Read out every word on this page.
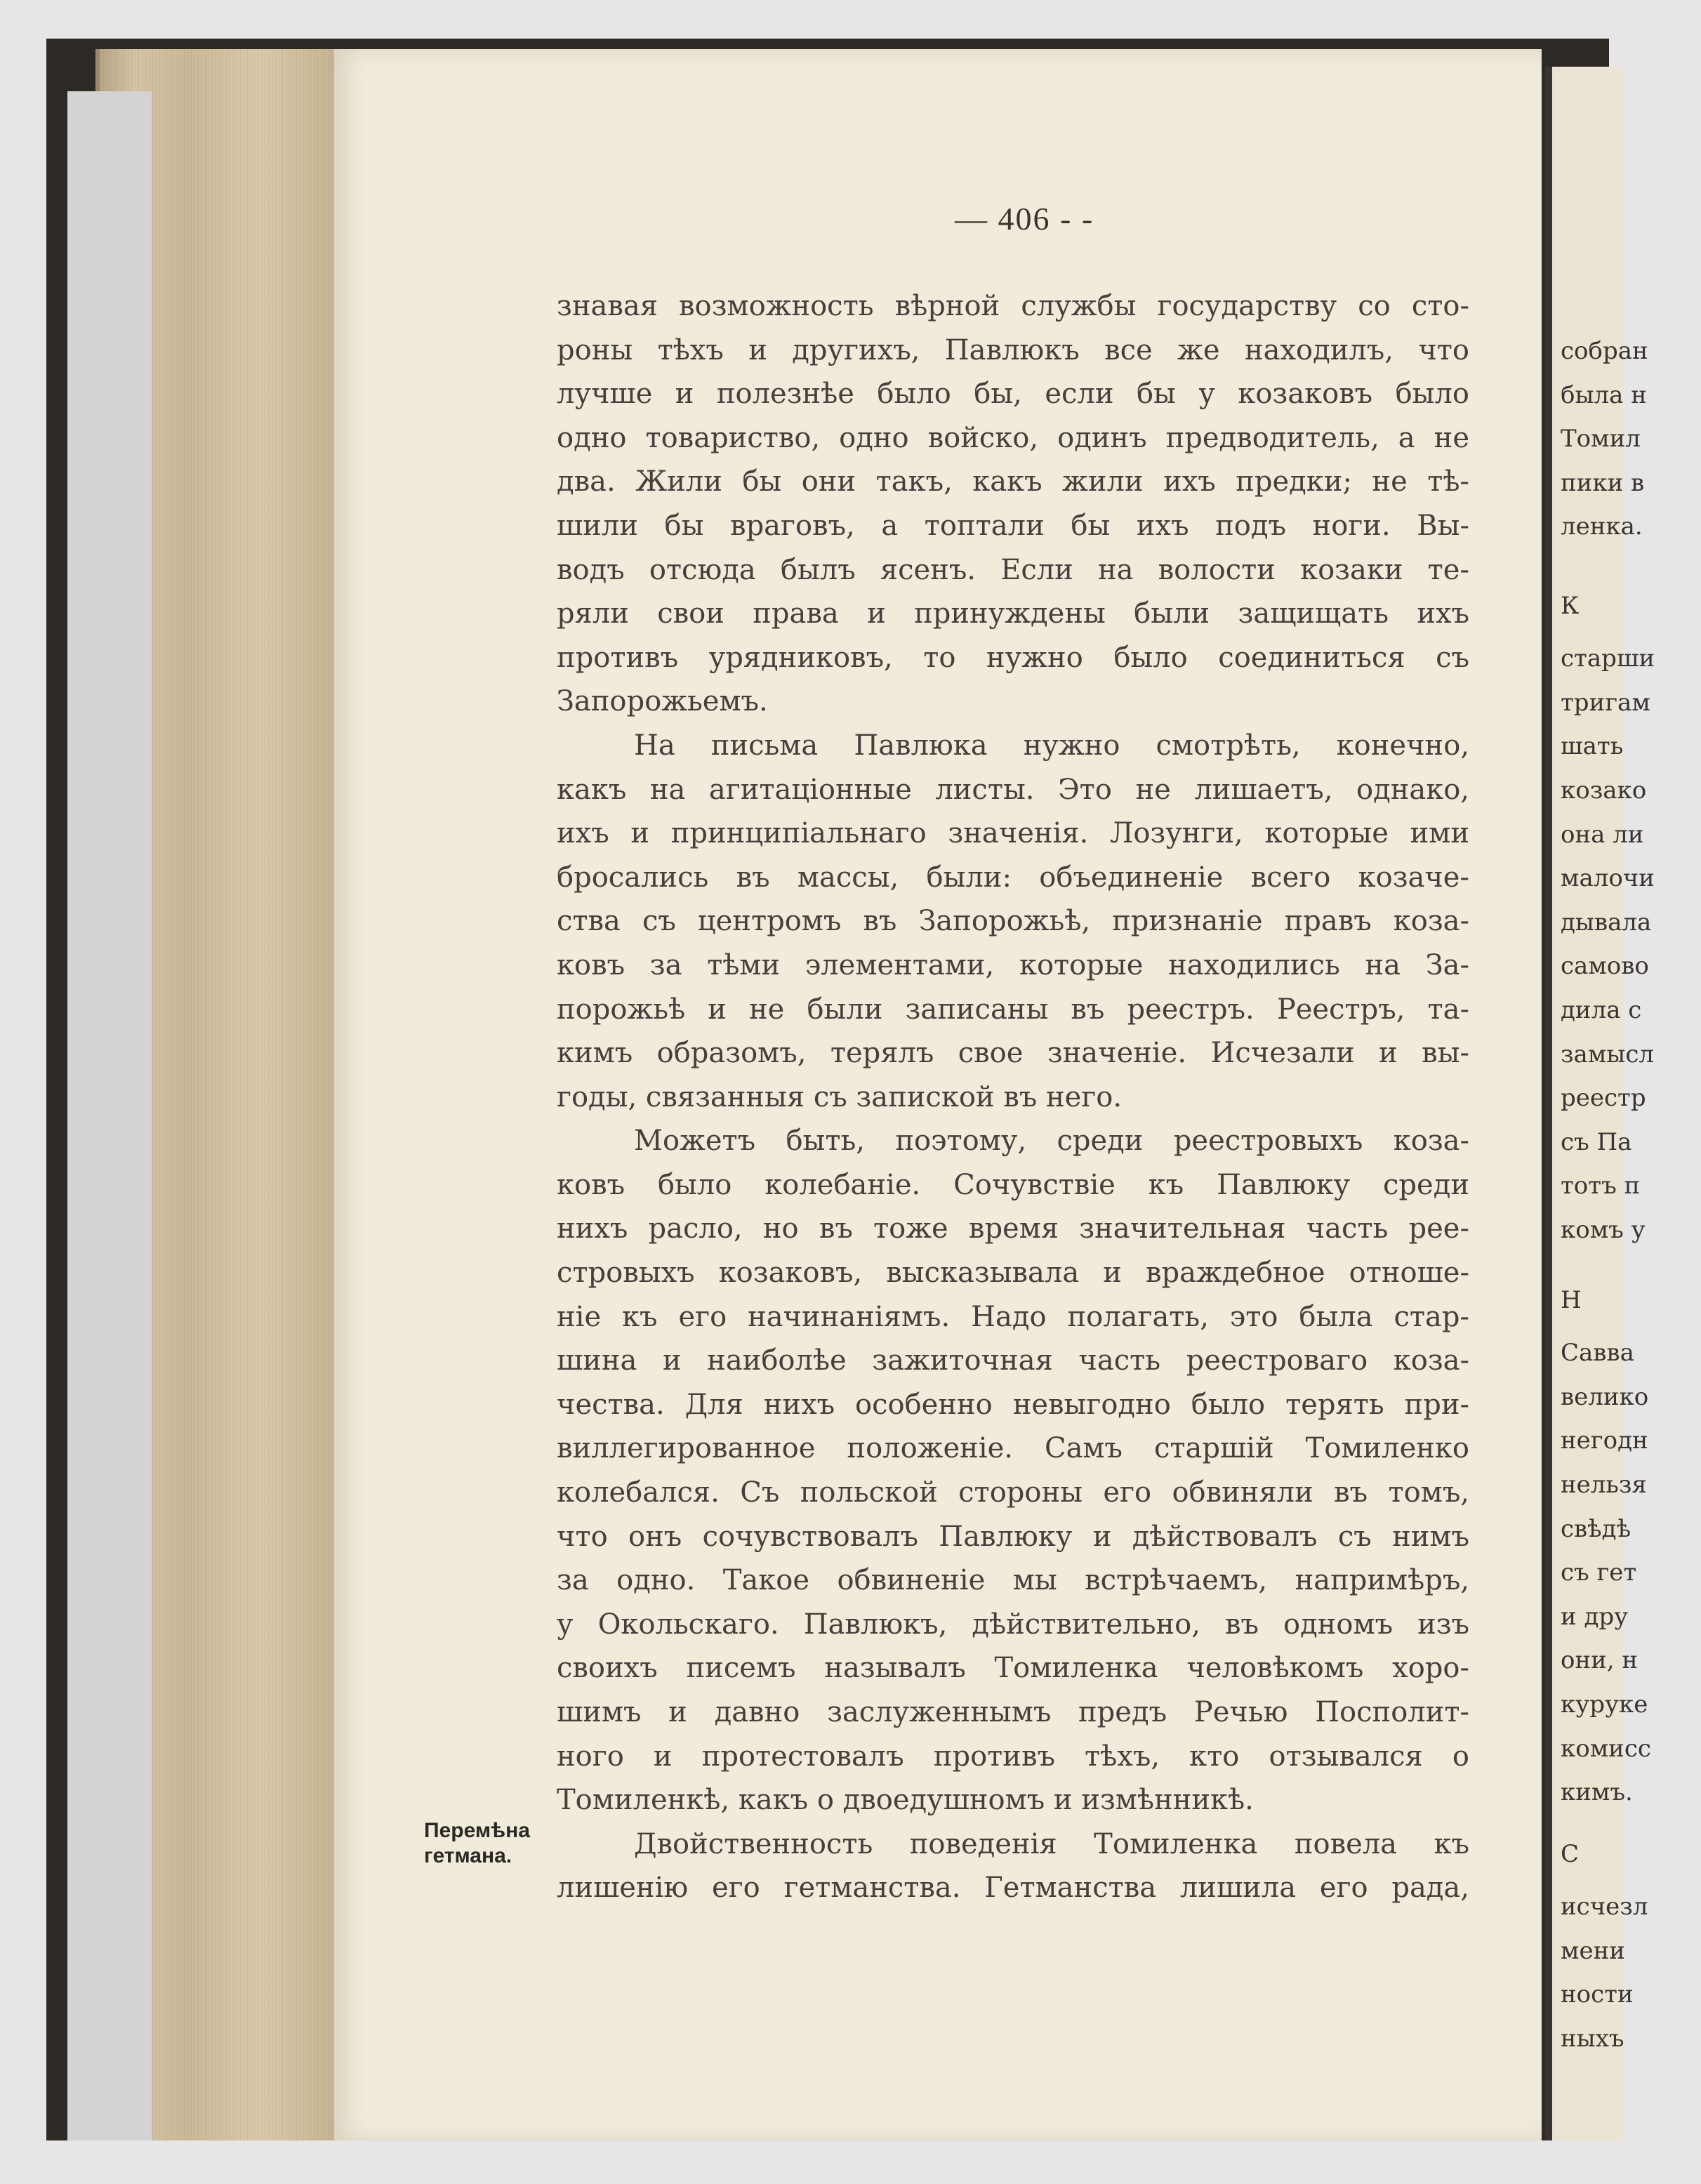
собран
была н
Томил
пики в
ленка.
К
старши
тригам
шать
козако
она ли
малочи
дывала
самово
дила с
замысл
реестр
съ Па
тотъ п
комъ у
Н
Савва
велико
негодн
нельзя
свѣдѣ
съ гет
и дру
они, н
куруке
комисс
кимъ.
С
исчезл
мени
ности
ныхъ
— 406 - -
Перемѣна
гетмана.
знавая возможность вѣрной службы государству со сто-
роны тѣхъ и другихъ, Павлюкъ все же находилъ, что
лучше и полезнѣе было бы, если бы у козаковъ было
одно товариство, одно войско, одинъ предводитель, а не
два. Жили бы они такъ, какъ жили ихъ предки; не тѣ-
шили бы враговъ, а топтали бы ихъ подъ ноги. Вы-
водъ отсюда былъ ясенъ. Если на волости козаки те-
ряли свои права и принуждены были защищать ихъ
противъ урядниковъ, то нужно было соединиться съ
Запорожьемъ.
На письма Павлюка нужно смотрѣть, конечно,
какъ на агитаціонные листы. Это не лишаетъ, однако,
ихъ и принципіальнаго значенія. Лозунги, которые ими
бросались въ массы, были: объединеніе всего козаче-
ства съ центромъ въ Запорожьѣ, признаніе правъ коза-
ковъ за тѣми элементами, которые находились на За-
порожьѣ и не были записаны въ реестръ. Реестръ, та-
кимъ образомъ, терялъ свое значеніе. Исчезали и вы-
годы, связанныя съ запиской въ него.
Можетъ быть, поэтому, среди реестровыхъ коза-
ковъ было колебаніе. Сочувствіе къ Павлюку среди
нихъ расло, но въ тоже время значительная часть рее-
стровыхъ козаковъ, высказывала и враждебное отноше-
ніе къ его начинаніямъ. Надо полагать, это была стар-
шина и наиболѣе зажиточная часть реестроваго коза-
чества. Для нихъ особенно невыгодно было терять при-
виллегированное положеніе. Самъ старшій Томиленко
колебался. Съ польской стороны его обвиняли въ томъ,
что онъ сочувствовалъ Павлюку и дѣйствовалъ съ нимъ
за одно. Такое обвиненіе мы встрѣчаемъ, напримѣръ,
у Окольскаго. Павлюкъ, дѣйствительно, въ одномъ изъ
своихъ писемъ называлъ Томиленка человѣкомъ хоро-
шимъ и давно заслуженнымъ предъ Речью Посполит-
ного и протестовалъ противъ тѣхъ, кто отзывался о
Томиленкѣ, какъ о двоедушномъ и измѣнникѣ.
Двойственность поведенія Томиленка повела къ
лишенію его гетманства. Гетманства лишила его рада,
